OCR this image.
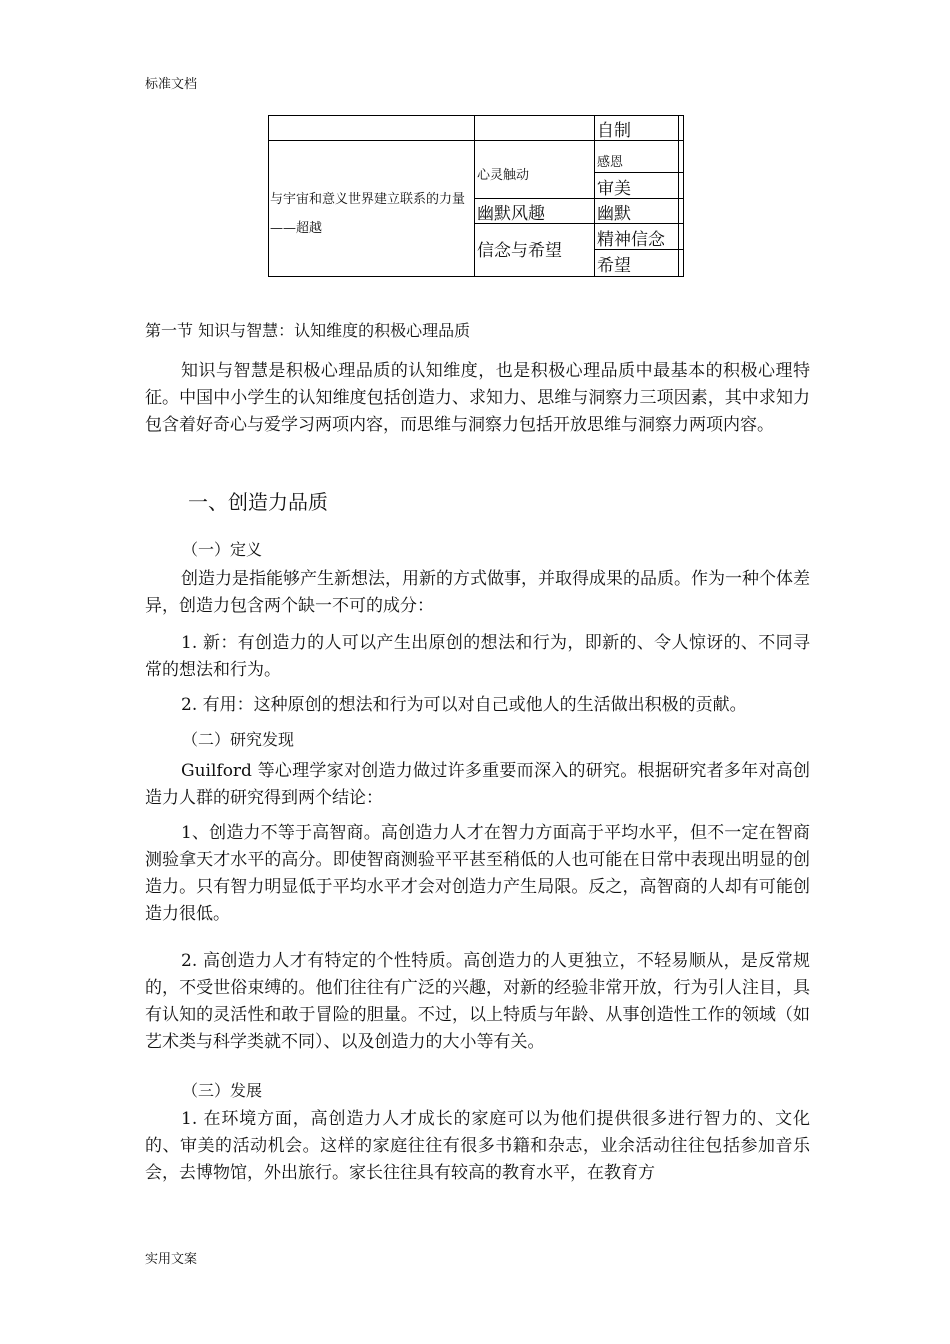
标准文档
自制
与宇宙和意义世界建立联系的力量——超越
心灵触动
幽默风趣
信念与希望
感恩
审美
幽默
精神信念
希望
第一节 知识与智慧：认知维度的积极心理品质
知识与智慧是积极心理品质的认知维度，也是积极心理品质中最基本的积极心理特征。中国中小学生的认知维度包括创造力、求知力、思维与洞察力三项因素，其中求知力包含着好奇心与爱学习两项内容，而思维与洞察力包括开放思维与洞察力两项内容。
一、创造力品质
（一）定义
创造力是指能够产生新想法，用新的方式做事，并取得成果的品质。作为一种个体差异，创造力包含两个缺一不可的成分：
1. 新：有创造力的人可以产生出原创的想法和行为，即新的、令人惊讶的、不同寻常的想法和行为。
2. 有用：这种原创的想法和行为可以对自己或他人的生活做出积极的贡献。
（二）研究发现
Guilford 等心理学家对创造力做过许多重要而深入的研究。根据研究者多年对高创造力人群的研究得到两个结论：
1、创造力不等于高智商。高创造力人才在智力方面高于平均水平，但不一定在智商测验拿天才水平的高分。即使智商测验平平甚至稍低的人也可能在日常中表现出明显的创造力。只有智力明显低于平均水平才会对创造力产生局限。反之，高智商的人却有可能创造力很低。
2. 高创造力人才有特定的个性特质。高创造力的人更独立，不轻易顺从，是反常规的，不受世俗束缚的。他们往往有广泛的兴趣，对新的经验非常开放，行为引人注目，具有认知的灵活性和敢于冒险的胆量。不过，以上特质与年龄、从事创造性工作的领域（如艺术类与科学类就不同）、以及创造力的大小等有关。
（三）发展
1. 在环境方面，高创造力人才成长的家庭可以为他们提供很多进行智力的、文化的、审美的活动机会。这样的家庭往往有很多书籍和杂志，业余活动往往包括参加音乐会，去博物馆，外出旅行。家长往往具有较高的教育水平，在教育方
实用文案
